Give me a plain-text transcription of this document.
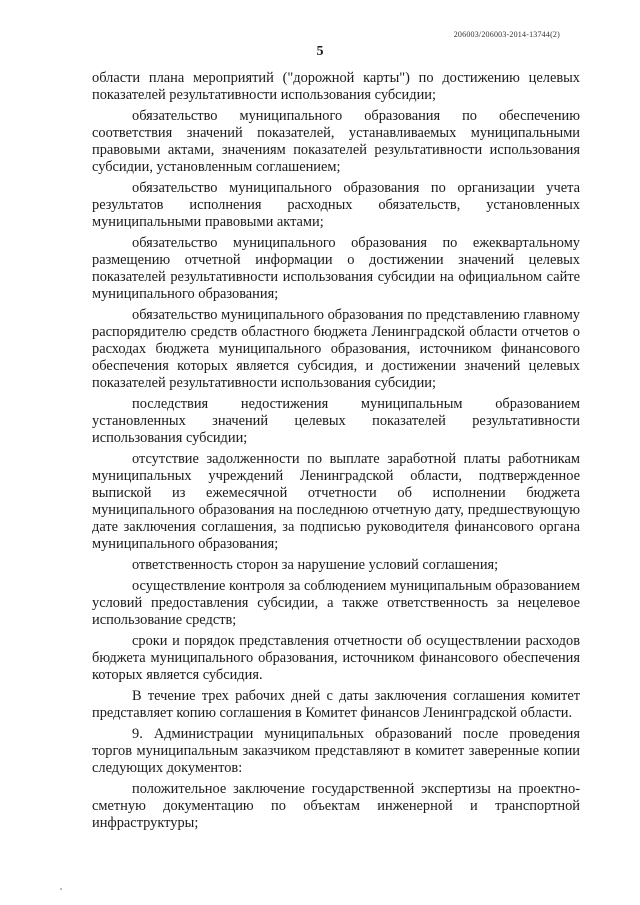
206003/206003-2014-13744(2)
5

области плана мероприятий ("дорожной карты") по достижению целевых показателей результативности использования субсидии;

обязательство муниципального образования по обеспечению соответствия значений показателей, устанавливаемых муниципальными правовыми актами, значениям показателей результативности использования субсидии, установленным соглашением;

обязательство муниципального образования по организации учета результатов исполнения расходных обязательств, установленных муниципальными правовыми актами;

обязательство муниципального образования по ежеквартальному размещению отчетной информации о достижении значений целевых показателей результативности использования субсидии на официальном сайте муниципального образования;

обязательство муниципального образования по представлению главному распорядителю средств областного бюджета Ленинградской области отчетов о расходах бюджета муниципального образования, источником финансового обеспечения которых является субсидия, и достижении значений целевых показателей результативности использования субсидии;

последствия недостижения муниципальным образованием установленных значений целевых показателей результативности использования субсидии;

отсутствие задолженности по выплате заработной платы работникам муниципальных учреждений Ленинградской области, подтвержденное выпиской из ежемесячной отчетности об исполнении бюджета муниципального образования на последнюю отчетную дату, предшествующую дате заключения соглашения, за подписью руководителя финансового органа муниципального образования;

ответственность сторон за нарушение условий соглашения;

осуществление контроля за соблюдением муниципальным образованием условий предоставления субсидии, а также ответственность за нецелевое использование средств;

сроки и порядок представления отчетности об осуществлении расходов бюджета муниципального образования, источником финансового обеспечения которых является субсидия.

В течение трех рабочих дней с даты заключения соглашения комитет представляет копию соглашения в Комитет финансов Ленинградской области.

9. Администрации муниципальных образований после проведения торгов муниципальным заказчиком представляют в комитет заверенные копии следующих документов:

положительное заключение государственной экспертизы на проектно-сметную документацию по объектам инженерной и транспортной инфраструктуры;
